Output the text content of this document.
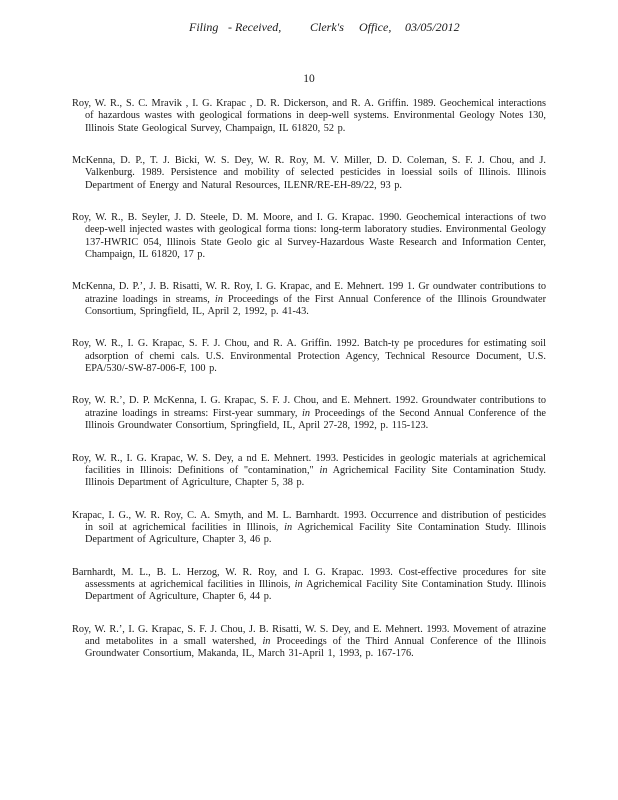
Filing - Received, Clerk's Office, 03/05/2012
10
Roy, W. R., S. C. Mravik , I. G. Krapac , D. R. Dickerson, and R. A. Griffin. 1989. Geochemical interactions of hazardous wastes with geological formations in deep-well systems. Environmental Geology Notes 130, Illinois State Geological Survey, Champaign, IL 61820, 52 p.
McKenna, D. P., T. J. Bicki, W. S. Dey, W. R. Roy, M. V. Miller, D. D. Coleman, S. F. J. Chou, and J. Valkenburg. 1989. Persistence and mobility of selected pesticides in loessial soils of Illinois. Illinois Department of Energy and Natural Resources, ILENR/RE-EH-89/22, 93 p.
Roy, W. R., B. Seyler, J. D. Steele, D. M. Moore, and I. G. Krapac. 1990. Geochemical interactions of two deep-well injected wastes with geological forma tions: long-term laboratory studies. Environmental Geology 137-HWRIC 054, Illinois State Geolo gic al Survey-Hazardous Waste Research and Information Center, Champaign, IL 61820, 17 p.
McKenna, D. P.ʼ, J. B. Risatti, W. R. Roy, I. G. Krapac, and E. Mehnert. 199 1. Gr oundwater contributions to atrazine loadings in streams, in Proceedings of the First Annual Conference of the Illinois Groundwater Consortium, Springfield, IL, April 2, 1992, p. 41-43.
Roy, W. R., I. G. Krapac, S. F. J. Chou, and R. A. Griffin. 1992. Batch-ty pe procedures for estimating soil adsorption of chemi cals. U.S. Environmental Protection Agency, Technical Resource Document, U.S. EPA/530/-SW-87-006-F, 100 p.
Roy, W. R.ʼ, D. P. McKenna, I. G. Krapac, S. F. J. Chou, and E. Mehnert. 1992. Groundwater contributions to atrazine loadings in streams: First-year summary, in Proceedings of the Second Annual Conference of the Illinois Groundwater Consortium, Springfield, IL, April 27-28, 1992, p. 115-123.
Roy, W. R., I. G. Krapac, W. S. Dey, a nd E. Mehnert. 1993. Pesticides in geologic materials at agrichemical facilities in Illinois: Definitions of "contamination," in Agrichemical Facility Site Contamination Study. Illinois Department of Agriculture, Chapter 5, 38 p.
Krapac, I. G., W. R. Roy, C. A. Smyth, and M. L. Barnhardt. 1993. Occurrence and distribution of pesticides in soil at agrichemical facilities in Illinois, in Agrichemical Facility Site Contamination Study. Illinois Department of Agriculture, Chapter 3, 46 p.
Barnhardt, M. L., B. L. Herzog, W. R. Roy, and I. G. Krapac. 1993. Cost-effective procedures for site assessments at agrichemical facilities in Illinois, in Agrichemical Facility Site Contamination Study. Illinois Department of Agriculture, Chapter 6, 44 p.
Roy, W. R.ʼ, I. G. Krapac, S. F. J. Chou, J. B. Risatti, W. S. Dey, and E. Mehnert. 1993. Movement of atrazine and metabolites in a small watershed, in Proceedings of the Third Annual Conference of the Illinois Groundwater Consortium, Makanda, IL, March 31-April 1, 1993, p. 167-176.
